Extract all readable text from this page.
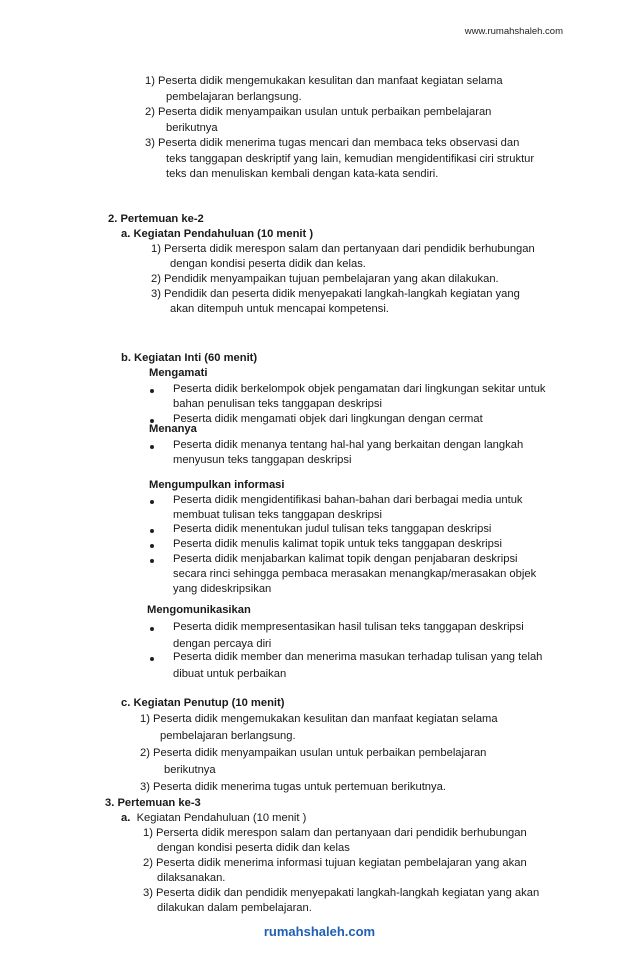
www.rumahshaleh.com
1) Peserta didik mengemukakan kesulitan dan manfaat kegiatan selama
pembelajaran berlangsung.
2) Peserta didik menyampaikan usulan untuk perbaikan pembelajaran
berikutnya
3) Peserta didik menerima tugas mencari dan membaca teks observasi dan
teks tanggapan deskriptif yang lain, kemudian mengidentifikasi ciri struktur
teks dan menuliskan kembali dengan kata-kata sendiri.
2. Pertemuan ke-2
a. Kegiatan Pendahuluan (10 menit )
1) Perserta didik merespon salam dan pertanyaan dari pendidik berhubungan
dengan kondisi peserta didik dan kelas.
2) Pendidik menyampaikan tujuan pembelajaran yang akan dilakukan.
3) Pendidik dan peserta didik menyepakati langkah-langkah kegiatan yang
akan ditempuh untuk mencapai kompetensi.
b. Kegiatan Inti (60 menit)
Mengamati
Peserta didik berkelompok objek pengamatan dari lingkungan sekitar untuk
bahan penulisan teks tanggapan deskripsi
Peserta didik mengamati objek dari lingkungan dengan cermat
Menanya
Peserta didik menanya tentang hal-hal yang berkaitan dengan langkah
menyusun teks tanggapan deskripsi
Mengumpulkan informasi
Peserta didik mengidentifikasi bahan-bahan dari berbagai media untuk
membuat tulisan teks tanggapan deskripsi
Peserta didik menentukan judul tulisan teks tanggapan deskripsi
Peserta didik menulis kalimat topik untuk teks tanggapan deskripsi
Peserta didik menjabarkan kalimat topik dengan penjabaran deskripsi
secara rinci sehingga pembaca merasakan menangkap/merasakan objek
yang dideskripsikan
Mengomunikasikan
Peserta didik mempresentasikan hasil tulisan teks tanggapan deskripsi
dengan percaya diri
Peserta didik member dan menerima masukan terhadap tulisan yang telah
dibuat untuk perbaikan
c. Kegiatan Penutup (10 menit)
1) Peserta didik mengemukakan kesulitan dan manfaat kegiatan selama
pembelajaran berlangsung.
2) Peserta didik menyampaikan usulan untuk perbaikan pembelajaran
berikutnya
3) Peserta didik menerima tugas untuk pertemuan berikutnya.
3. Pertemuan ke-3
a. Kegiatan Pendahuluan (10 menit )
1) Perserta didik merespon salam dan pertanyaan dari pendidik berhubungan
dengan kondisi peserta didik dan kelas
2) Peserta didik menerima informasi tujuan kegiatan pembelajaran yang akan
dilaksanakan.
3) Peserta didik dan pendidik menyepakati langkah-langkah kegiatan yang akan
dilakukan dalam pembelajaran.
rumahshaleh.com
